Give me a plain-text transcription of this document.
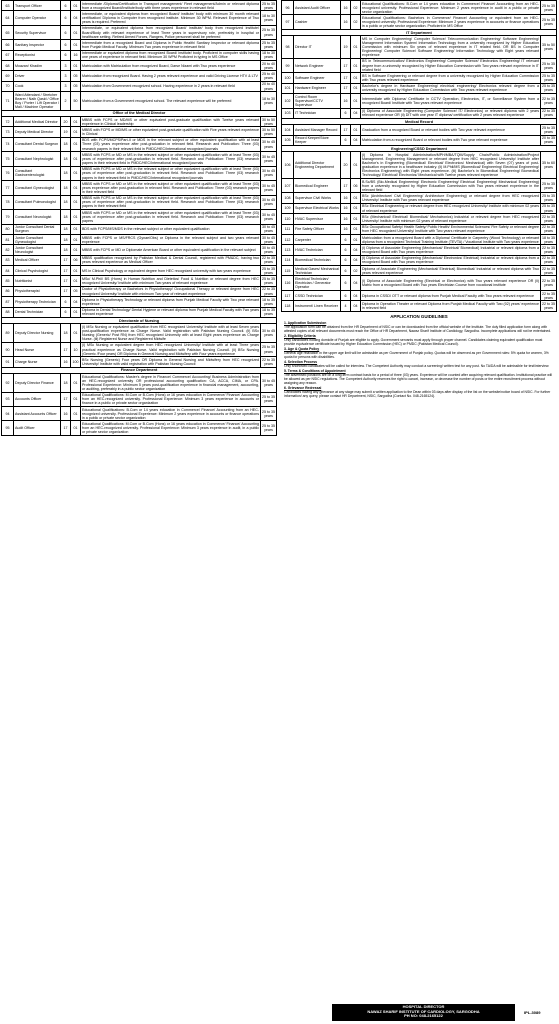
63	Transport Officer	6	01	Intermediate /Diploma/Certification in Transport management/ Fleet management/Admin or relevant diploma from a recognized Board/Institute/body with three years experience in relevant field	25 to 35 years
64	Computer Operator	6	04	Intermediate, or equivalent diploma from recognized Board/ institute/ body with minimum 30 month relevant certification/ Diploma in Computer from recognized institute. Minimum 30 WPM. Relevant Experience of Two years is required. Preferred	18 to 30 years
65	Security Supervisor	6	01	Intermediate, or equivalent diploma from recognized Board/ institute/ body from recognized institute/ Board/Body with relevant experience of least Three years in supervisory role, preferably in hospital or healthcare setting. Retired Armed Forces, Rangers, Police personnel shall be preferred	25 to 35 years
66	Sanitary Inspector	6	01	Intermediate from a recognized Board and Diploma in Public Health/ Sanitary Inspector or relevant diploma from Punjab Medical Faculty. Minimum Two years experience in relevant field	25 to 35 years
67	Receptionist	6	16	Intermediate or equivalent diploma from recognized Board/ institute/ body. Proficient in computer skills having one years of experience in relevant field. Minimum 30 WPM Proficient in typing in MS Office	18 to 30 years
68	Moazan/ Khadim	3	01	Matriculation with Matriculation from recognized Board, Darse Nizami with Two years experience	20 to 40 years
69	Driver	3	05	Matriculation from recognized Board. Having 2 years relevant experience and valid Driving License HTV & LTV	25 to 40 years
70	Cook	3	05	Matriculation from Government recognized school. Having experience in 2 years in relevant field	20 to 40 years
71	Ward Attendant / Stretcher Bearer / Naib Qasid / Office Boy / Porter / Lift Operator / Mali / Machine Operator	2	50	Matriculation from a Government recognized school. The relevant experience will be preferred	18 to 30 years
Office of the Medical Director					
72	Additional Medical Director	20	01	MBBS with FCPS or MD/MS or other equivalent post-graduate qualification with Twelve years relevant experience in Clinical leadership	30 to 50 years
73	Deputy Medical Director	19	01	MBBS with FCPS or MD/MS or other equivalent post-graduate qualification with Five years relevant experience in Clinical	30 to 50 years
74	Consultant Dental Surgeon	18	01	BDS with FCPS/MCPS/Part-II or MDS in the relevant subject or other equivalent qualification with at least Three (03) years experience after post-graduation in relevant field. Research and Publication: Three (03) research papers in their relevant field in PMDC/HEC/International recognized journals	30 to 45 years
75	Consultant Nephrologist	18	01	MBBS with FCPS or MD or MS in the relevant subject or other equivalent qualification with at least Three (03) years of experience after post-graduation in relevant field. Research and Publication: Three (03) research papers in their relevant field in PMDC/HEC/International recognized journals	30 to 45 years
76	Consultant Gastroenterologist	18	01	MBBS with FCPS or MD or MS in the relevant subject or other equivalent qualification with at least Three (03) years of experience after post-graduation in relevant field. Research and Publication: Three (03) research papers in their relevant field in PMDC/HEC/International recognized journals	30 to 45 years
77	Consultant Gynecologist	18	01	MBBS with FCPS or MD or MS in the relevant subject or other equivalent qualification with at least Three (03) years experience after post-graduation in relevant field. Research and Publication: Three (03) research papers in their relevant field	30 to 45 years
78	Consultant Pulmonologist	18	01	MBBS with FCPS or MD or MS in the relevant subject or other equivalent qualification with at least Three (03) years of experience after post-graduation in relevant field. Research and Publication: Three (03) research papers in their relevant field	30 to 45 years
79	Consultant Neurologist	18	01	MBBS with FCPS or MD or MS in the relevant subject or other equivalent qualification with at least Three (03) years of experience after post-graduation in relevant field. Research and Publication: Three (03) research papers	30 to 45 years
80	Junior Consultant Dental Surgeon	18	01	BDS with FCPS/MS/MDS in the relevant subject or other equivalent qualification	30 to 45 years
81	Junior Consultant Gynecologist	18	01	MBBS with FCPS or MS/FRCS (Gynae/Obs) or Diploma in the relevant subject and two years relevant experience	30 to 45 years
82	Junior Consultant Neurologist	18	01	MBBS with FCPS or MD or Diplomate American Board or other equivalent qualification in the relevant subject	30 to 45 years
83	Medical Officer	17	06	MBBS qualification recognized by Pakistan Medical & Dental Council, registered with PM&DC, having two years relevant experience as Medical Officer	22 to 35 years
84	Clinical Psychologist	17	01	MS in Clinical Psychology or equivalent degree from HEC recognized university with two years experience	25 to 35 years
85	Nutritionist	17	01	MSc/ M.Phil/ BS (Hons) in Human Nutrition and Dietetics/ Food & Nutrition or relevant degree from HEC recognized University/ Institute with minimum Two years of relevant experience	25 to 35 years
86	Physiotherapist	17	05	Doctor of Physiotherapy or Bachelors in Physiotherapy/ Occupational Therapy or relevant degree from HEC recognized University/ Institute with minimum Two year of relevant experience	22 to 35 years
87	Physiotherapy Technician	6	04	Diploma in Physiotherapy Technology or relevant diploma from Punjab Medical Faculty with Two year relevant experience	18 to 35 years
88	Dental Technician	6	01	Diploma in Dental Technology/ Dental Hygiene or relevant diploma from Punjab Medical Faculty with Two years relevant experience	18 to 35 years
Directorate of Nursing					
89	Deputy Director Nursing	18	01	(i) MSc Nursing or equivalent qualification from HEC recognized University/ Institute with at least Seven years post-qualification experience as Charge Nurse. Valid registration with Pakistan Nursing Council. (ii) BSc Nursing (Generic/ Post RN) from HEC recognized University with at least Eight years experience as Charge Nurse. (iii) Registered Nurse and Registered Midwife	30 to 45 years
90	Head Nurse	17	10	(i) MSc Nursing or equivalent degree from HEC recognized University/ Institute with at least Three years practical experience as Charge Nurse. Valid registration with Pakistan Nursing Council. (ii) BSc Nursing (Generic /Four years) OR Diploma in General Nursing and Midwifery with Four years experience	25 to 35 years
91	Charge Nurse	16	100	BSc Nursing (Generic) Four years OR Diploma in General Nursing and Midwifery from HEC recognized University/ Institute with valid registration with Pakistan Nursing Council	22 to 35 years
Finance Department					
92	Deputy Director Finance	18	01	Educational Qualifications: Master's degree in Finance/ Commerce/ Accounting/ Business Administration from an HEC-recognized university OR professional accounting qualification: CA, ACCA, CIMA, or CPA. Professional Experience: Minimum 5 years post-qualification experience in financial management, accounting, or auditing, preferably in a public sector organization	30 to 45 years
93	Accounts Officer	17	01	Educational Qualifications: M.Com or B.Com (Hons) or 16 years education in Commerce/ Finance/ Accounting from an HEC-recognized university. Professional Experience: Minimum 3 years experience in accounts or finance in a public or private sector organization	25 to 35 years
94	Assistant Accounts Officer	16	01	Educational Qualifications: B.Com or 14 years education in Commerce/ Finance/ Accounting from an HEC-recognized university. Professional Experience: Minimum 2 years experience in accounts or finance operations in a public or private sector organization	25 to 35 years
95	Audit Officer	17	01	Educational Qualifications: M.Com or B.Com (Hons) or 16 years education in Commerce/ Finance/ Accounting from an HEC-recognized university. Professional Experience: Minimum 3 years experience in audit, in a public or private sector organization	25 to 35 years
96	Assistant Audit Officer	16	02	Educational Qualifications: B.Com or 14 years education in Commerce/ Finance/ Accounting from an HEC-recognized university. Professional Experience: Minimum 2 years experience in audit in a public or private sector organization	25 to 35 years
97	Cashier	16	02	Educational Qualifications: Bachelors in Commerce/ Finance/ Accounting or equivalent from an HEC-recognized university. Professional Experience: Minimum 2 years experience in accounts or finance operations in a public or private sector organization. Proficient in MS Office	25 to 35 years
IT Department					
98	Director IT	19	01	MS in Computer Engineering/ Computer Science/ Telecommunication Engineering/ Software Engineering/ Management Information System/ Information Technology from a university recognized by Higher Education Commission with minimum Six years of relevant experience in IT related field. OR BS in Computer Engineering/ Computer Science/ Software Engineering/ Information Technology with Eight years relevant experience	35 to 50 years
99	Network Engineer	17	01	BS in Telecommunication/ Electronics Engineering/ Computer Science/ Electronics Engineering/ IT relevant degree from a university recognized by Higher Education Commission with Two years relevant experience in IT related field	25 to 35 years
100	Software Engineer	17	01	BS in Software Engineering or relevant degree from a university recognized by Higher Education Commission with Two years relevant experience	25 to 35 years
101	Hardware Engineer	17	01	Bachelor's degree in Hardware Engineering/ electrical engineering/ Electronics relevant degree from a university recognized by Higher Education Commission with Two years relevant experience	25 to 35 years
102	Control Room Supervisor/CCTV Supervisor	16	01	Intermediate with Diploma/ Certificate in CCTV Operation, Electronics, IT, or Surveillance System from a recognized Board/ Institute with Two years relevant experience	22 to 35 years
103	IT Technician	6	04	(i) Diploma of Associate Engineering (Computer Science/ IT/ Electronics) or relevant diploma with 2 years relevant experience OR (ii) DIT with one year IT diploma/ certification with 2 years relevant experience	22 to 35 years
Medical Record					
104	Assistant Manager Record	17	01	Graduation from a recognized Board or relevant bodies with Two year relevant experience	25 to 35 years
105	Record Keeper/Store Keeper	6	04	Matriculation from a recognized Board or relevant bodies with Two year relevant experience	20 to 35 years
Engineering/CSSD Department					
106	Additional Director Engineering Department	20	01	(i) Diploma in Hospital Administration/MPH/MBA/TQM/Supply Chain/Public Administration/Project Management. Engineering Management or relevant degree from HEC recognized University/ Institute after Bachelor's in Engineering (Biomedical/ Electrical/ Electronics/ Mechanical) with Seven (07) years of post-graduation experience in a healthcare industry. (ii) M.Phil/MS (Biomedical/ Engineering/ Electrical Engineering/ Electronics Engineering) with Eight years experience. (iii) Bachelor's in Biomedical Engineering/ Biomedical Technology/ Electrical/ Electronics/ Mechanical with Twelve years relevant experience	35 to 60 years
107	Biomedical Engineer	17	06	B.Sc/BS (Bio-Medical Engineering/ Electronic Engineering/ Electrical Engineering/ Mechanical Engineering) from a university recognized by Higher Education Commission with Two years relevant experience in the relevant field	25 to 35 years
108	Supervisor Civil Works	16	01	BSc (Architecture/ Civil Engineering/ Architecture Engineering) or relevant degree from HEC recognized University/ Institute with Two years relevant experience	25 to 35 years
109	Supervisor Electrical Works	16	01	BSc Electrical Engineering or relevant degree from HEC recognized University/ Institute with minimum 02 years of relevant experience	25 to 35 years
110	HVAC Supervisor	16	01	BSc (Mechanical/ Electrical/ Biomedical/ Mechatronics) Industrial or relevant degree from HEC recognized University/ Institute with minimum 02 years of relevant experience	22 to 35 years
111	Fire Safety Officer	16	01	BSc Occupational Safety/ Health Safety/ Public Health/ Environmental Sciences/ Fire Safety or relevant degree from HEC recognized University/ Institute with Two years relevant experience	22 to 35 years
112	Carpenter	6	01	Matriculation from a recognized Board with a Diploma/ Certificate in Carpentry (Wood Technology) or relevant diploma from a recognized Technical Training Institute (TEVTA) / Vocational Institute with Two years experience	18 to 35 years
113	HVAC Technician	6	04	(i) Diploma of Associate Engineering (Mechanical/ Electrical/ Biomedical) Industrial or relevant diploma from a recognized Board with Two years experience	22 to 35 years
114	Biomedical Technician	6	04	(i) Diploma of Associate Engineering (Mechanical/ Electronics/ Electrical) Industrial or relevant diploma from a recognized Board with Two years experience	22 to 35 years
115	Medical Gases/ Mechanical Technician	6	02	Diploma of Associate Engineering (Mechanical/ Electrical) Biomedical/ Industrial or relevant diploma with Two years relevant experience	22 to 35 years
116	Electrical Technician/ Electrician / Generator Operator	6	04	(i) Diploma of Associate Engineering (Electrical or Electronics) with Two years relevant experience OR (ii) Matric from a recognized Board with Two years Electrician Course from vocational institute	22 to 35 years
117	CSSD Technician	6	04	Diploma in CSSD/ OTT or relevant diploma from Punjab Medical Faculty with Two years relevant experience	22 to 35 years
118	Instrument/ Linen Receiver	4	04	Diploma in Operation Theater or relevant Diploma from Punjab Medical Faculty with Two (02) years' experience in relevant field	22 to 35 years
APPLICATION GUIDELINES
1. Application Submission
The application form can be obtained from the HR Department of NSIC or can be downloaded from the official website of the Institute. The duly filled application form along with attested copies of all relevant documents must reach the Office of HR Department, Nawaz Sharif Institute of Cardiology, Sargodha. Incomplete applications will not be entertained.
2. Eligibility Criteria
Only candidates holding domicile of Punjab are eligible to apply. Government servants must apply through proper channel. Candidates claiming equivalent qualification must provide equivalence certificate issued by Higher Education Commission (HEC) or PMDC (Pakistan Medical Council).
3. Age & Quota Policy
General age relaxation in the upper age limit will be admissible as per Government of Punjab policy. Quotas will be observed as per Government rules: 5% quota for women, 3% quota for persons with disabilities.
4. Selection Process
Only shortlisted candidates will be called for interview. The Competent Authority may conduct a screening/ written test for any post. No TA/DA will be admissible for test/interview.
5. Terms & Conditions of Appointment
The advertised positions are on a long-term contract basis for a period of three (03) years. Experience will be counted after acquiring relevant qualification. Institutional practice will be allowed as per NSIC regulations. The Competent Authority reserves the right to cancel, increase, or decrease the number of posts or the entire recruitment process without assigning any reason.
6. Grievance Redressal
Candidates having any grievance at any stage may submit a written application to the Dean within 03 days after display of the list on the website/notice board of NSIC. For further information/ any query, please contact HR Department, NSIC, Sargodha (Contact No. 048-2165124).
HOSPITAL DIRECTOR
NAWAZ SHARIF INSTITUTE OF CARDIOLOGY, SARGODHA
PH NO: 048-2165122
IPL-3089
